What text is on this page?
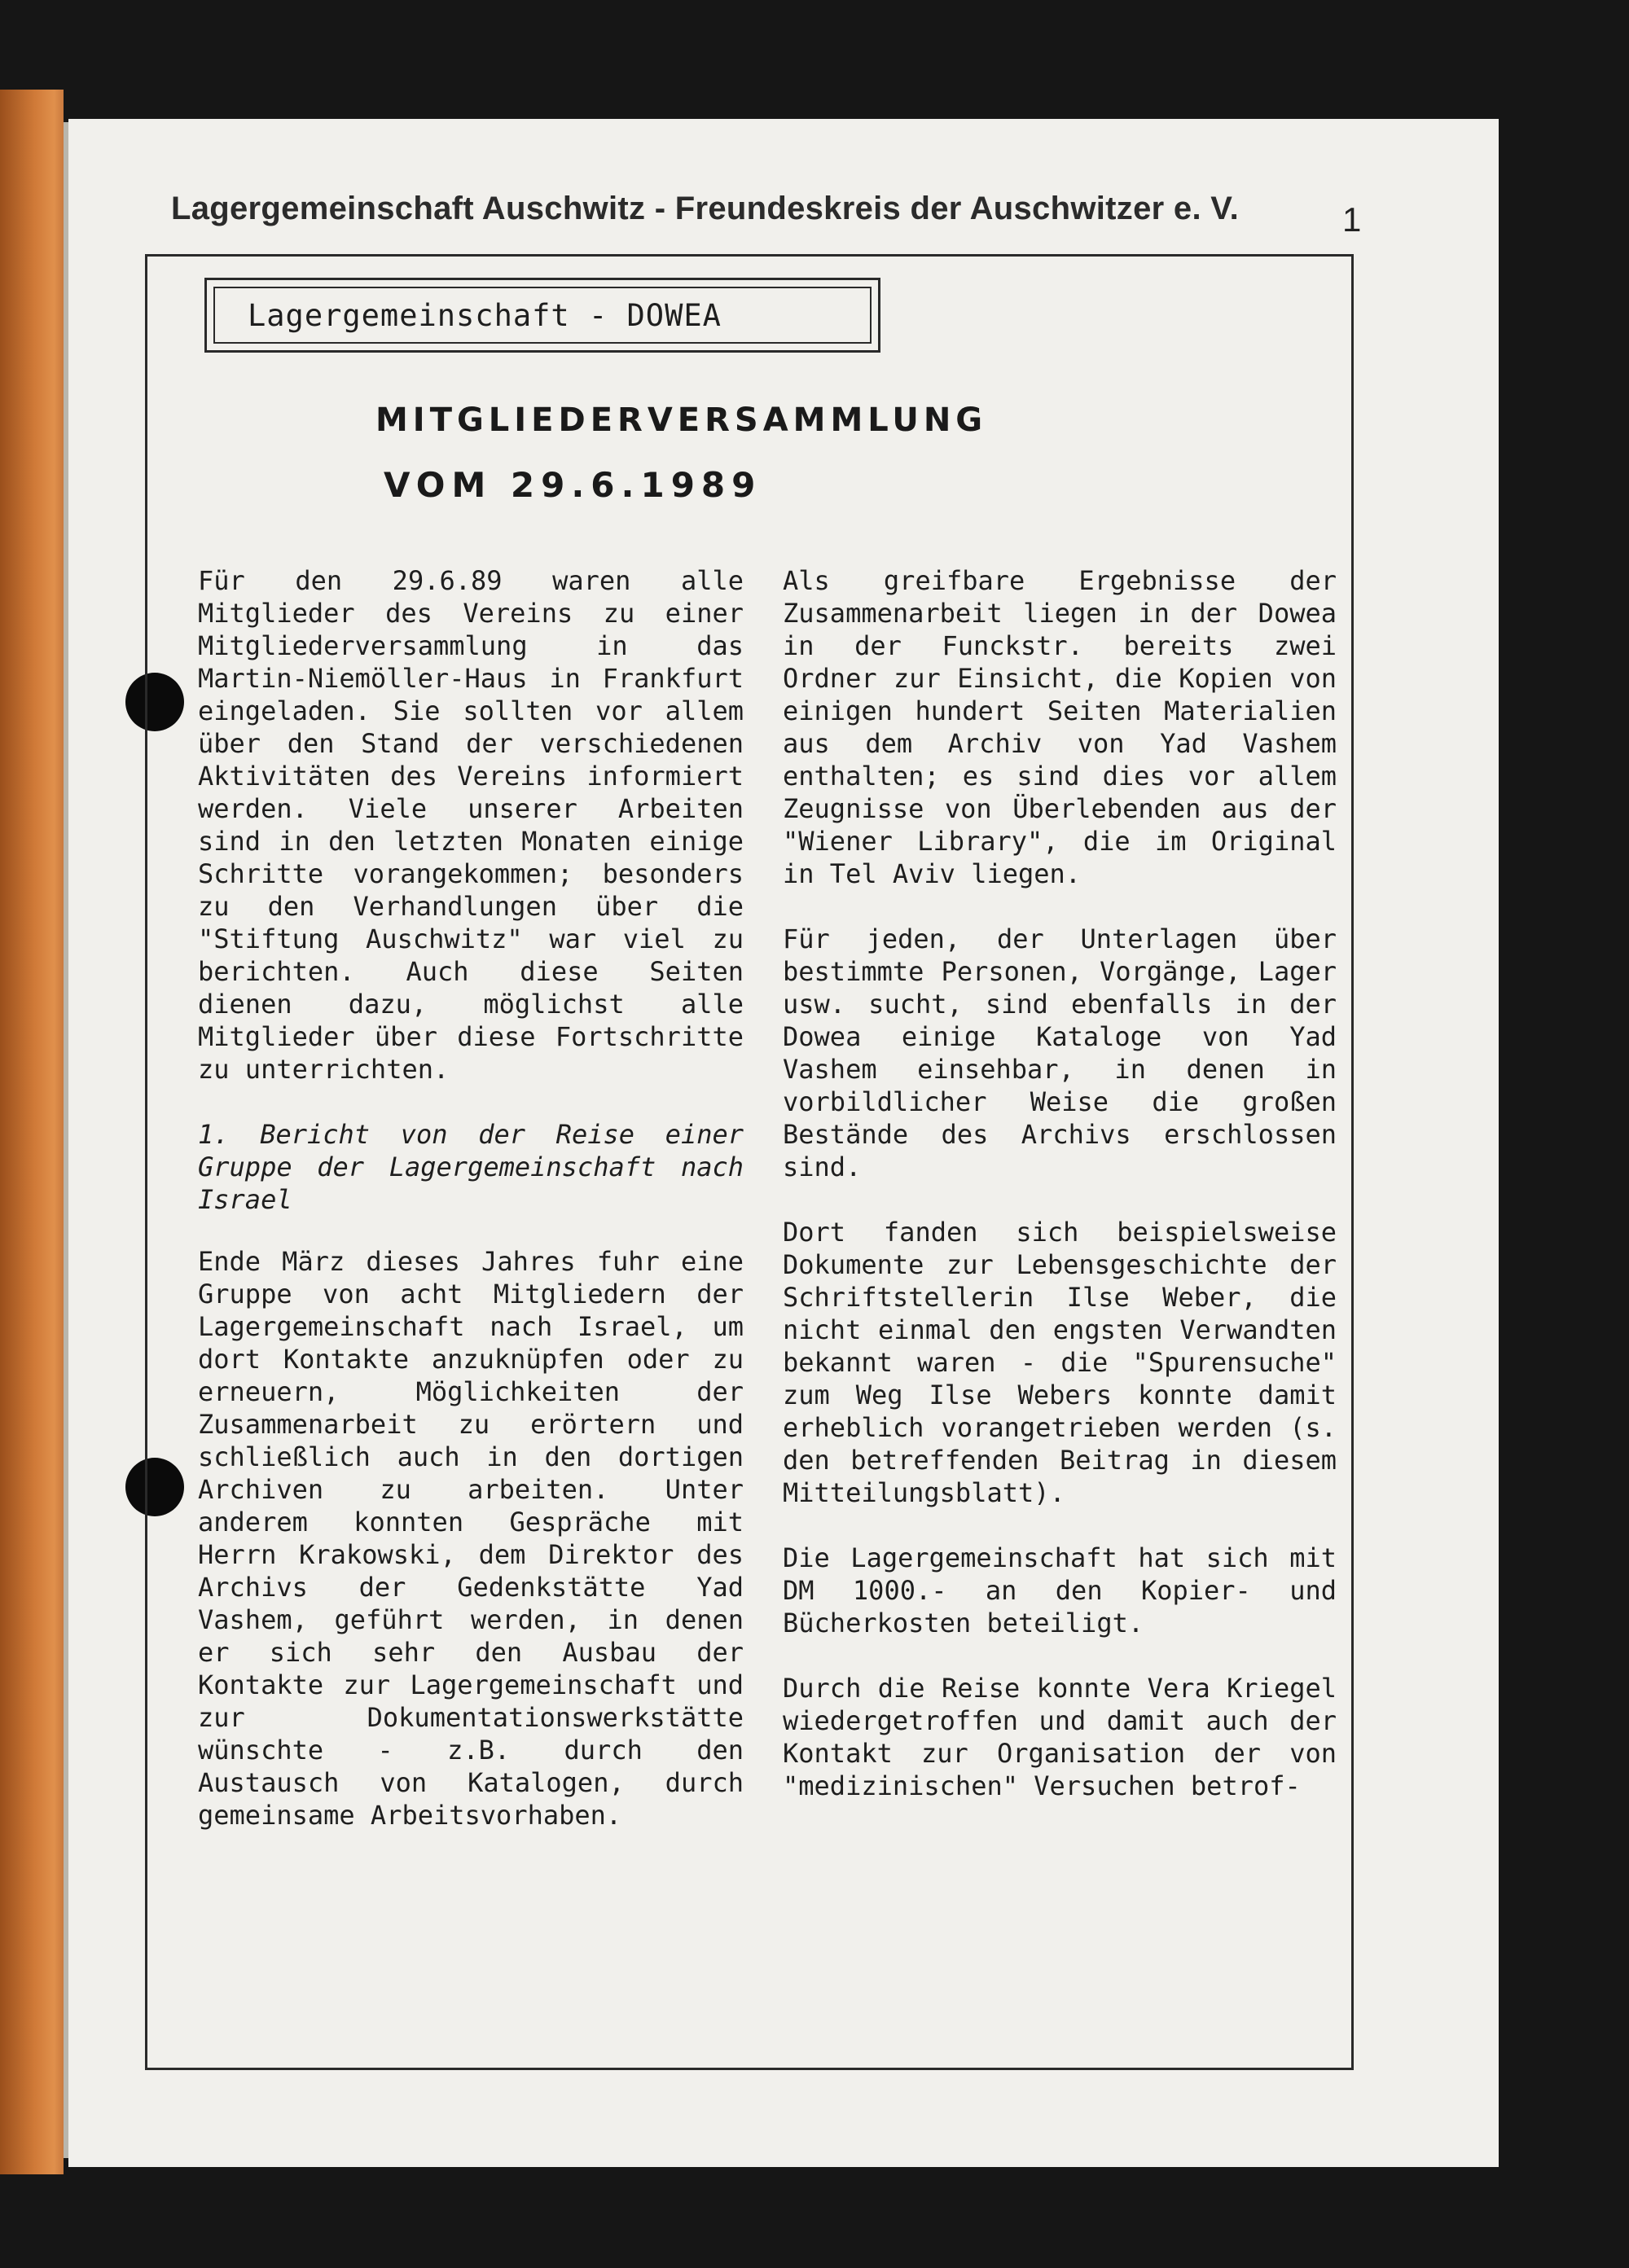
Lagergemeinschaft Auschwitz - Freundeskreis der Auschwitzer e. V.	1
Lagergemeinschaft - DOWEA
MITGLIEDERVERSAMMLUNG
VOM 29.6.1989

Für den 29.6.89 waren alle Mitglieder des Vereins zu einer Mitgliederversammlung in das Martin-Niemöller-Haus in Frankfurt eingeladen. Sie sollten vor allem über den Stand der verschiedenen Aktivitäten des Vereins informiert werden. Viele unserer Arbeiten sind in den letzten Monaten einige Schritte vorangekommen; besonders zu den Verhandlungen über die "Stiftung Auschwitz" war viel zu berichten. Auch diese Seiten dienen dazu, möglichst alle Mitglieder über diese Fortschritte zu unterrichten.

1. Bericht von der Reise einer Gruppe der Lagergemeinschaft nach Israel

Ende März dieses Jahres fuhr eine Gruppe von acht Mitgliedern der Lagergemeinschaft nach Israel, um dort Kontakte anzuknüpfen oder zu erneuern, Möglichkeiten der Zusammenarbeit zu erörtern und schließlich auch in den dortigen Archiven zu arbeiten. Unter anderem konnten Gespräche mit Herrn Krakowski, dem Direktor des Archivs der Gedenkstätte Yad Vashem, geführt werden, in denen er sich sehr den Ausbau der Kontakte zur Lagergemeinschaft und zur Dokumentationswerkstätte wünschte - z.B. durch den Austausch von Katalogen, durch gemeinsame Arbeitsvorhaben.

Als greifbare Ergebnisse der Zusammenarbeit liegen in der Dowea in der Funckstr. bereits zwei Ordner zur Einsicht, die Kopien von einigen hundert Seiten Materialien aus dem Archiv von Yad Vashem enthalten; es sind dies vor allem Zeugnisse von Überlebenden aus der "Wiener Library", die im Original in Tel Aviv liegen.

Für jeden, der Unterlagen über bestimmte Personen, Vorgänge, Lager usw. sucht, sind ebenfalls in der Dowea einige Kataloge von Yad Vashem einsehbar, in denen in vorbildlicher Weise die großen Bestände des Archivs erschlossen sind.

Dort fanden sich beispielsweise Dokumente zur Lebensgeschichte der Schriftstellerin Ilse Weber, die nicht einmal den engsten Verwandten bekannt waren - die "Spurensuche" zum Weg Ilse Webers konnte damit erheblich vorangetrieben werden (s. den betreffenden Beitrag in diesem Mitteilungsblatt).

Die Lagergemeinschaft hat sich mit DM 1000.- an den Kopier- und Bücherkosten beteiligt.

Durch die Reise konnte Vera Kriegel wiedergetroffen und damit auch der Kontakt zur Organisation der von "medizinischen" Versuchen betrof-
